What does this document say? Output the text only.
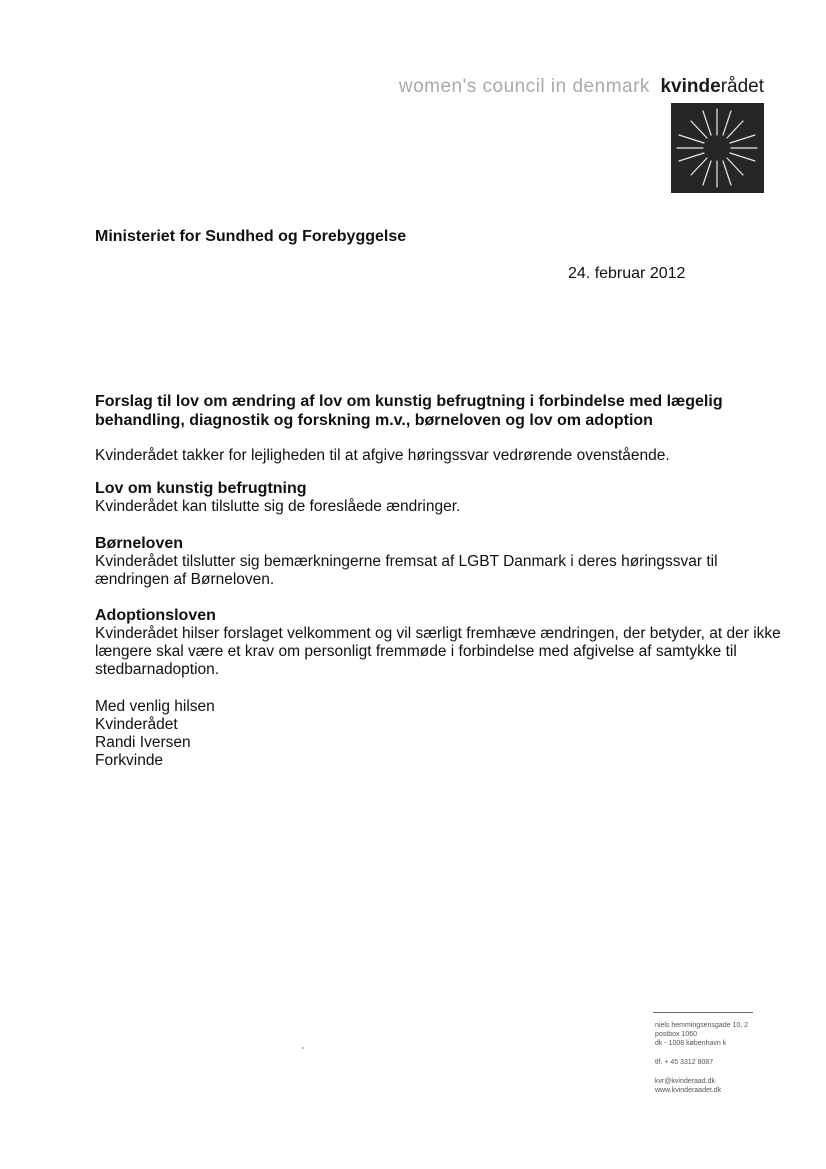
women's council in denmark kvinderådet
Ministeriet for Sundhed og Forebyggelse
24. februar 2012
Forslag til lov om ændring af lov om kunstig befrugtning i forbindelse med lægelig
behandling, diagnostik og forskning m.v., børneloven og lov om adoption
Kvinderådet takker for lejligheden til at afgive høringssvar vedrørende ovenstående.
Lov om kunstig befrugtning
Kvinderådet kan tilslutte sig de foreslåede ændringer.
Børneloven
Kvinderådet tilslutter sig bemærkningerne fremsat af LGBT Danmark i deres høringssvar til
ændringen af Børneloven.
Adoptionsloven
Kvinderådet hilser forslaget velkomment og vil særligt fremhæve ændringen, der betyder, at der ikke
længere skal være et krav om personligt fremmøde i forbindelse med afgivelse af samtykke til
stedbarnadoption.
Med venlig hilsen
Kvinderådet
Randi Iversen
Forkvinde
niels hemmingsensgade 10, 2
postbox 1060
dk - 1008 københavn k
tlf. + 45 3312 8087
kvr@kvinderaad.dk
www.kvinderaadet.dk
